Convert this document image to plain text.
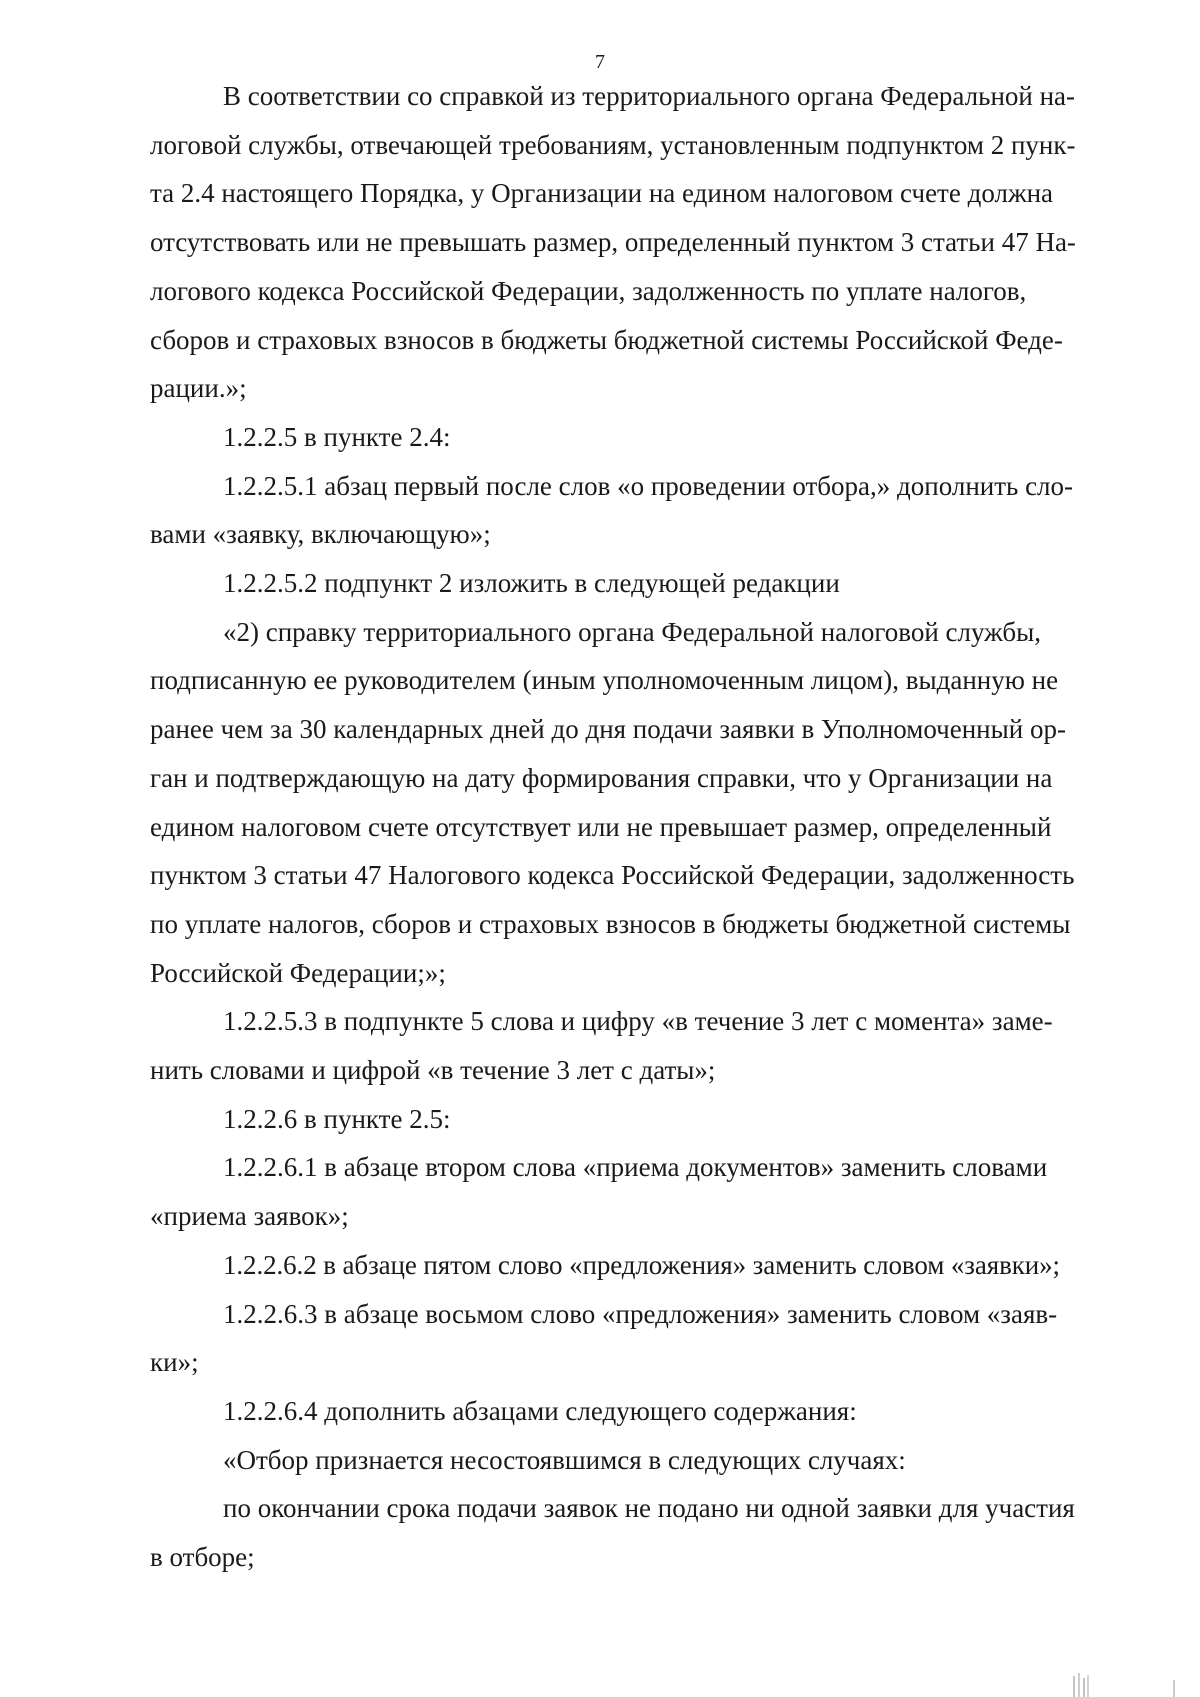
7

В соответствии со справкой из территориального органа Федеральной на-
логовой службы, отвечающей требованиям, установленным подпунктом 2 пунк-
та 2.4 настоящего Порядка, у Организации на едином налоговом счете должна
отсутствовать или не превышать размер, определенный пунктом 3 статьи 47 На-
логового кодекса Российской Федерации, задолженность по уплате налогов,
сборов и страховых взносов в бюджеты бюджетной системы Российской Феде-
рации.»;

1.2.2.5 в пункте 2.4:

1.2.2.5.1 абзац первый после слов «о проведении отбора,» дополнить сло-
вами «заявку, включающую»;

1.2.2.5.2 подпункт 2 изложить в следующей редакции

«2) справку территориального органа Федеральной налоговой службы,
подписанную ее руководителем (иным уполномоченным лицом), выданную не
ранее чем за 30 календарных дней до дня подачи заявки в Уполномоченный ор-
ган и подтверждающую на дату формирования справки, что у Организации на
едином налоговом счете отсутствует или не превышает размер, определенный
пунктом 3 статьи 47 Налогового кодекса Российской Федерации, задолженность
по уплате налогов, сборов и страховых взносов в бюджеты бюджетной системы
Российской Федерации;»;

1.2.2.5.3 в подпункте 5 слова и цифру «в течение 3 лет с момента» заме-
нить словами и цифрой «в течение 3 лет с даты»;

1.2.2.6 в пункте 2.5:

1.2.2.6.1 в абзаце втором слова «приема документов» заменить словами
«приема заявок»;

1.2.2.6.2 в абзаце пятом слово «предложения» заменить словом «заявки»;

1.2.2.6.3 в абзаце восьмом слово «предложения» заменить словом «заяв-
ки»;

1.2.2.6.4 дополнить абзацами следующего содержания:

«Отбор признается несостоявшимся в следующих случаях:

по окончании срока подачи заявок не подано ни одной заявки для участия
в отборе;
